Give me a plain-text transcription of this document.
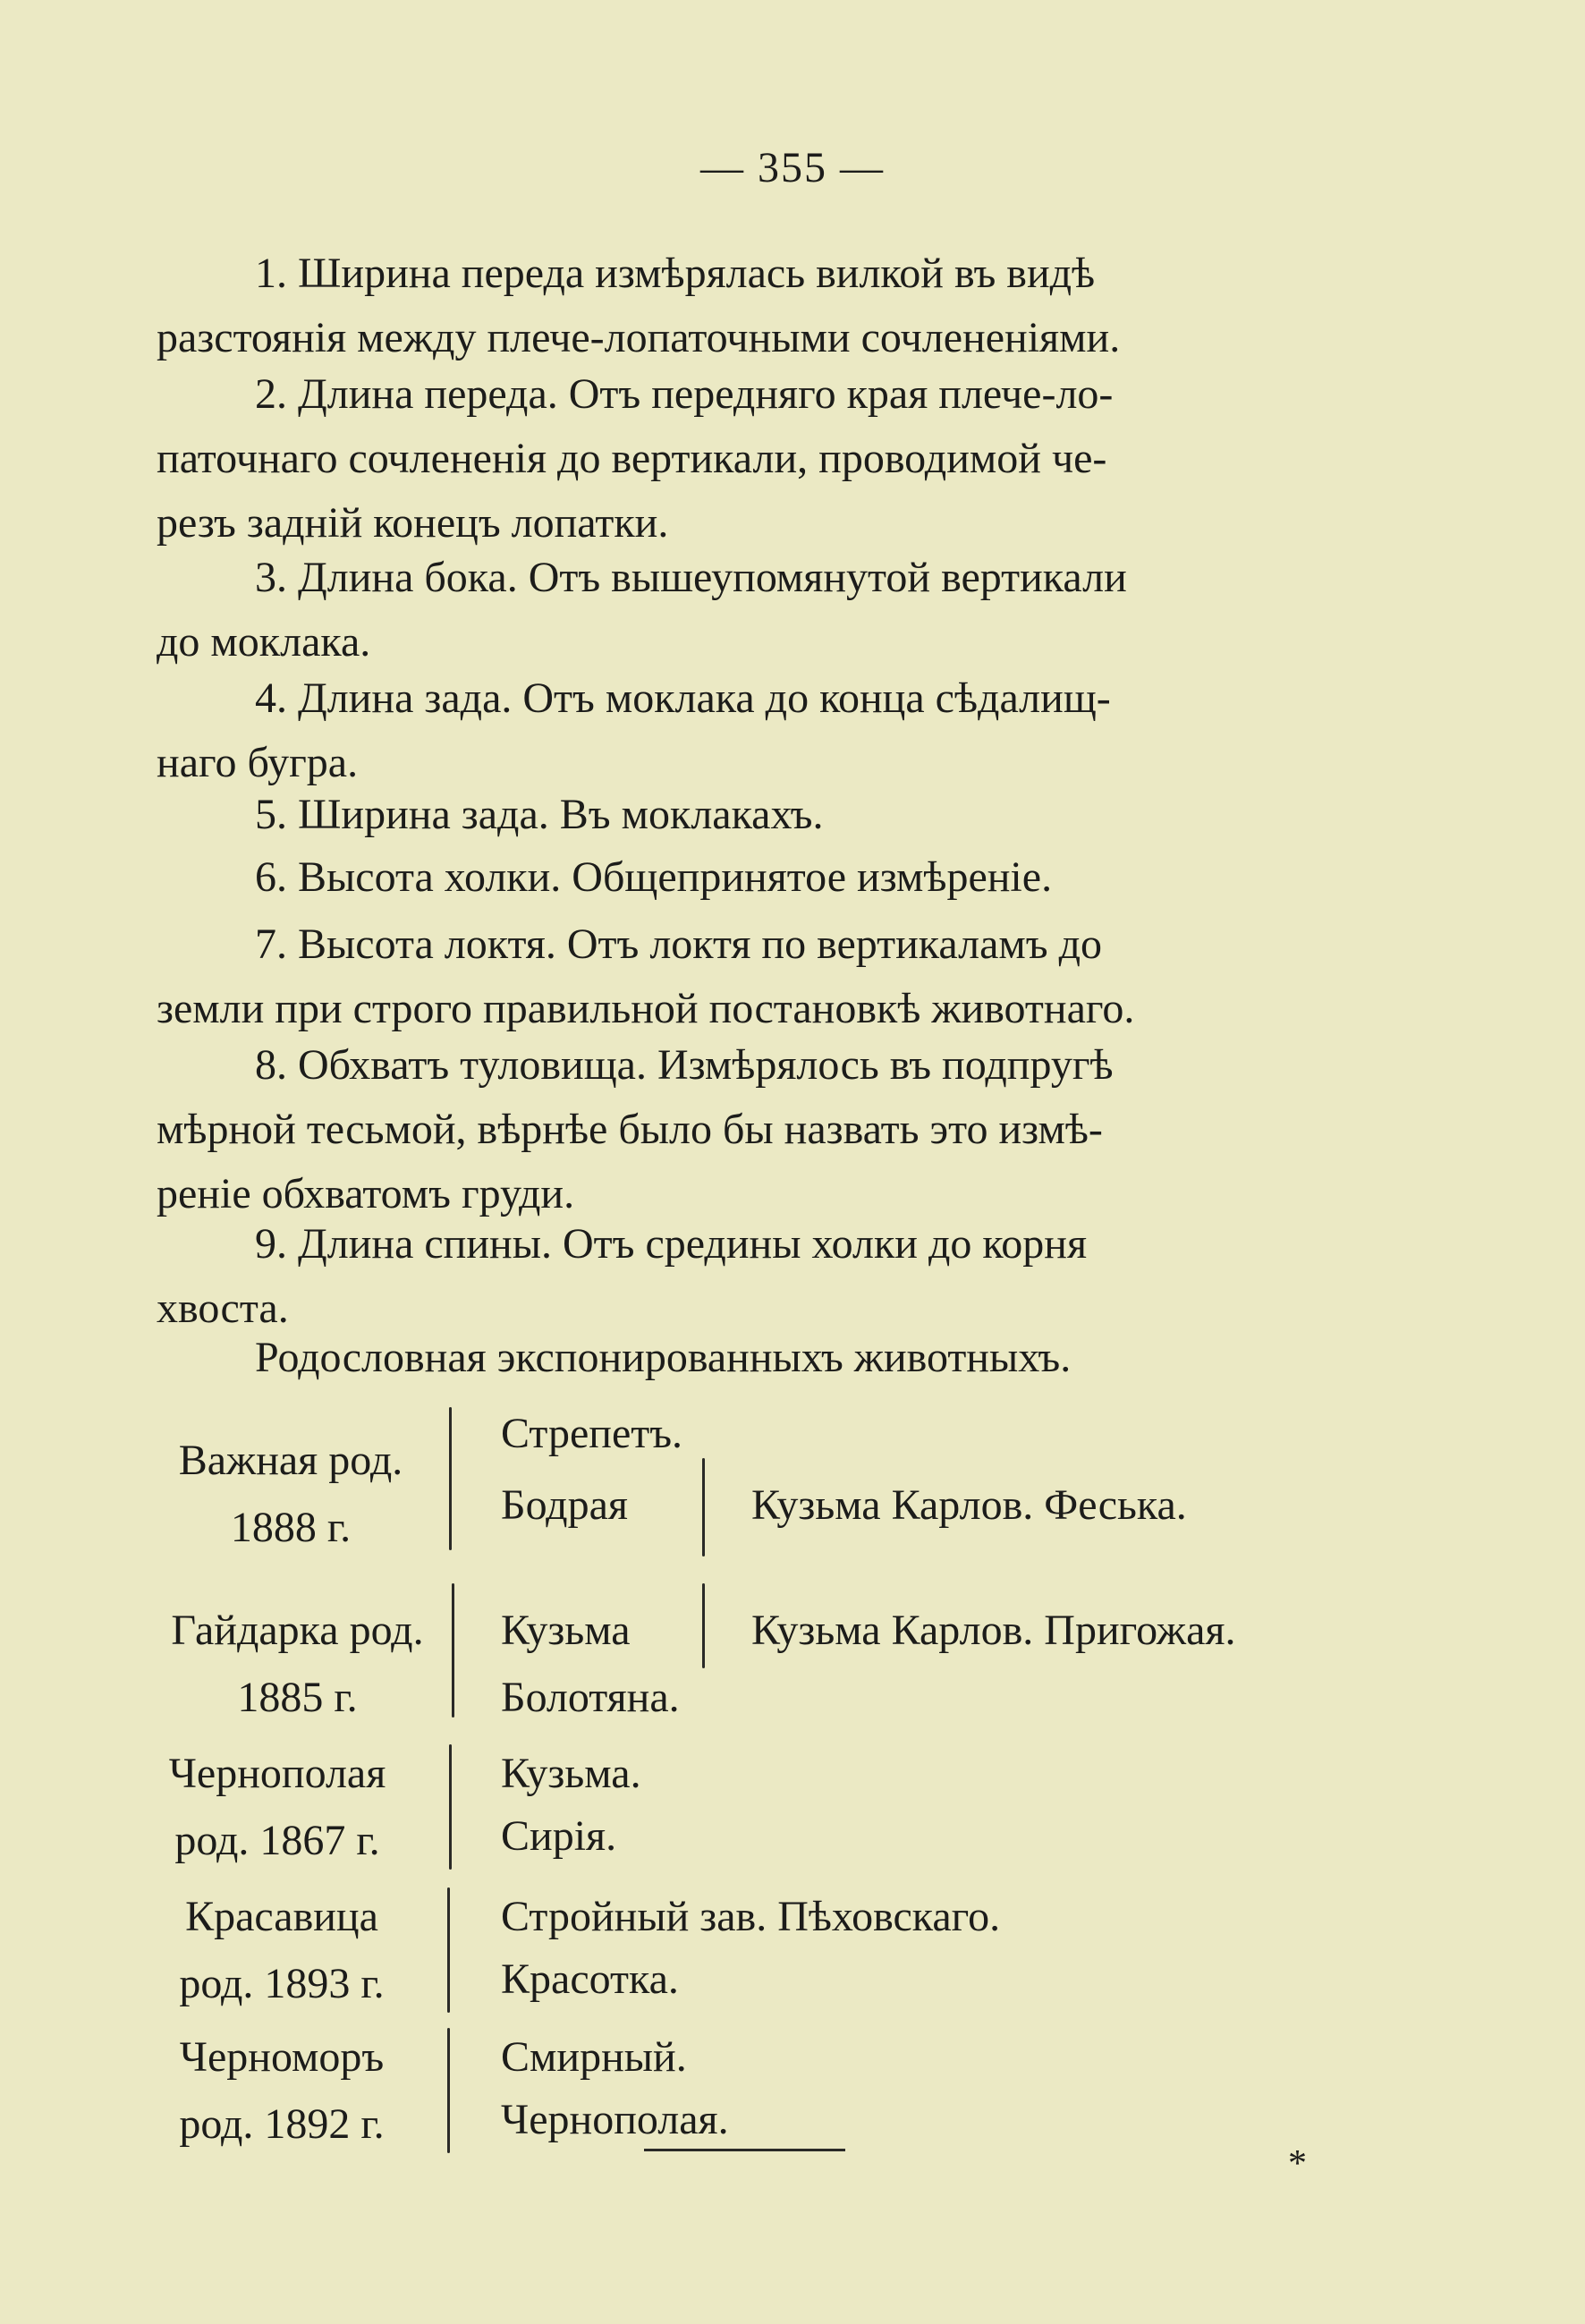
— 355 —
1. Ширина переда измѣрялась вилкой въ видѣ
разстоянія между плече-лопаточными сочлененіями.
2. Длина переда. Отъ передняго края плече-ло-
паточнаго сочлененія до вертикали, проводимой че-
резъ задній конецъ лопатки.
3. Длина бока. Отъ вышеупомянутой вертикали
до моклака.
4. Длина зада. Отъ моклака до конца сѣдалищ-
наго бугра.
5. Ширина зада. Въ моклакахъ.
6. Высота холки. Общепринятое измѣреніе.
7. Высота локтя. Отъ локтя по вертикаламъ до
земли при строго правильной постановкѣ животнаго.
8. Обхватъ туловища. Измѣрялось въ подпругѣ
мѣрной тесьмой, вѣрнѣе было бы назвать это измѣ-
реніе обхватомъ груди.
9. Длина спины. Отъ средины холки до корня
хвоста.
Родословная экспонированныхъ животныхъ.
Важная род.
1888 г.
Стрепетъ.
Бодрая	Кузьма Карлов. Феська.
Гайдарка род.
1885 г.
Кузьма
Болотяна.
Кузьма Карлов. Пригожая.
Чернополая
род. 1867 г.
Кузьма.
Сирія.
Красавица
род. 1893 г.
Стройный зав. Пѣховскаго.
Красотка.
Черноморъ
род. 1892 г.
Смирный.
Чернополая.
*
